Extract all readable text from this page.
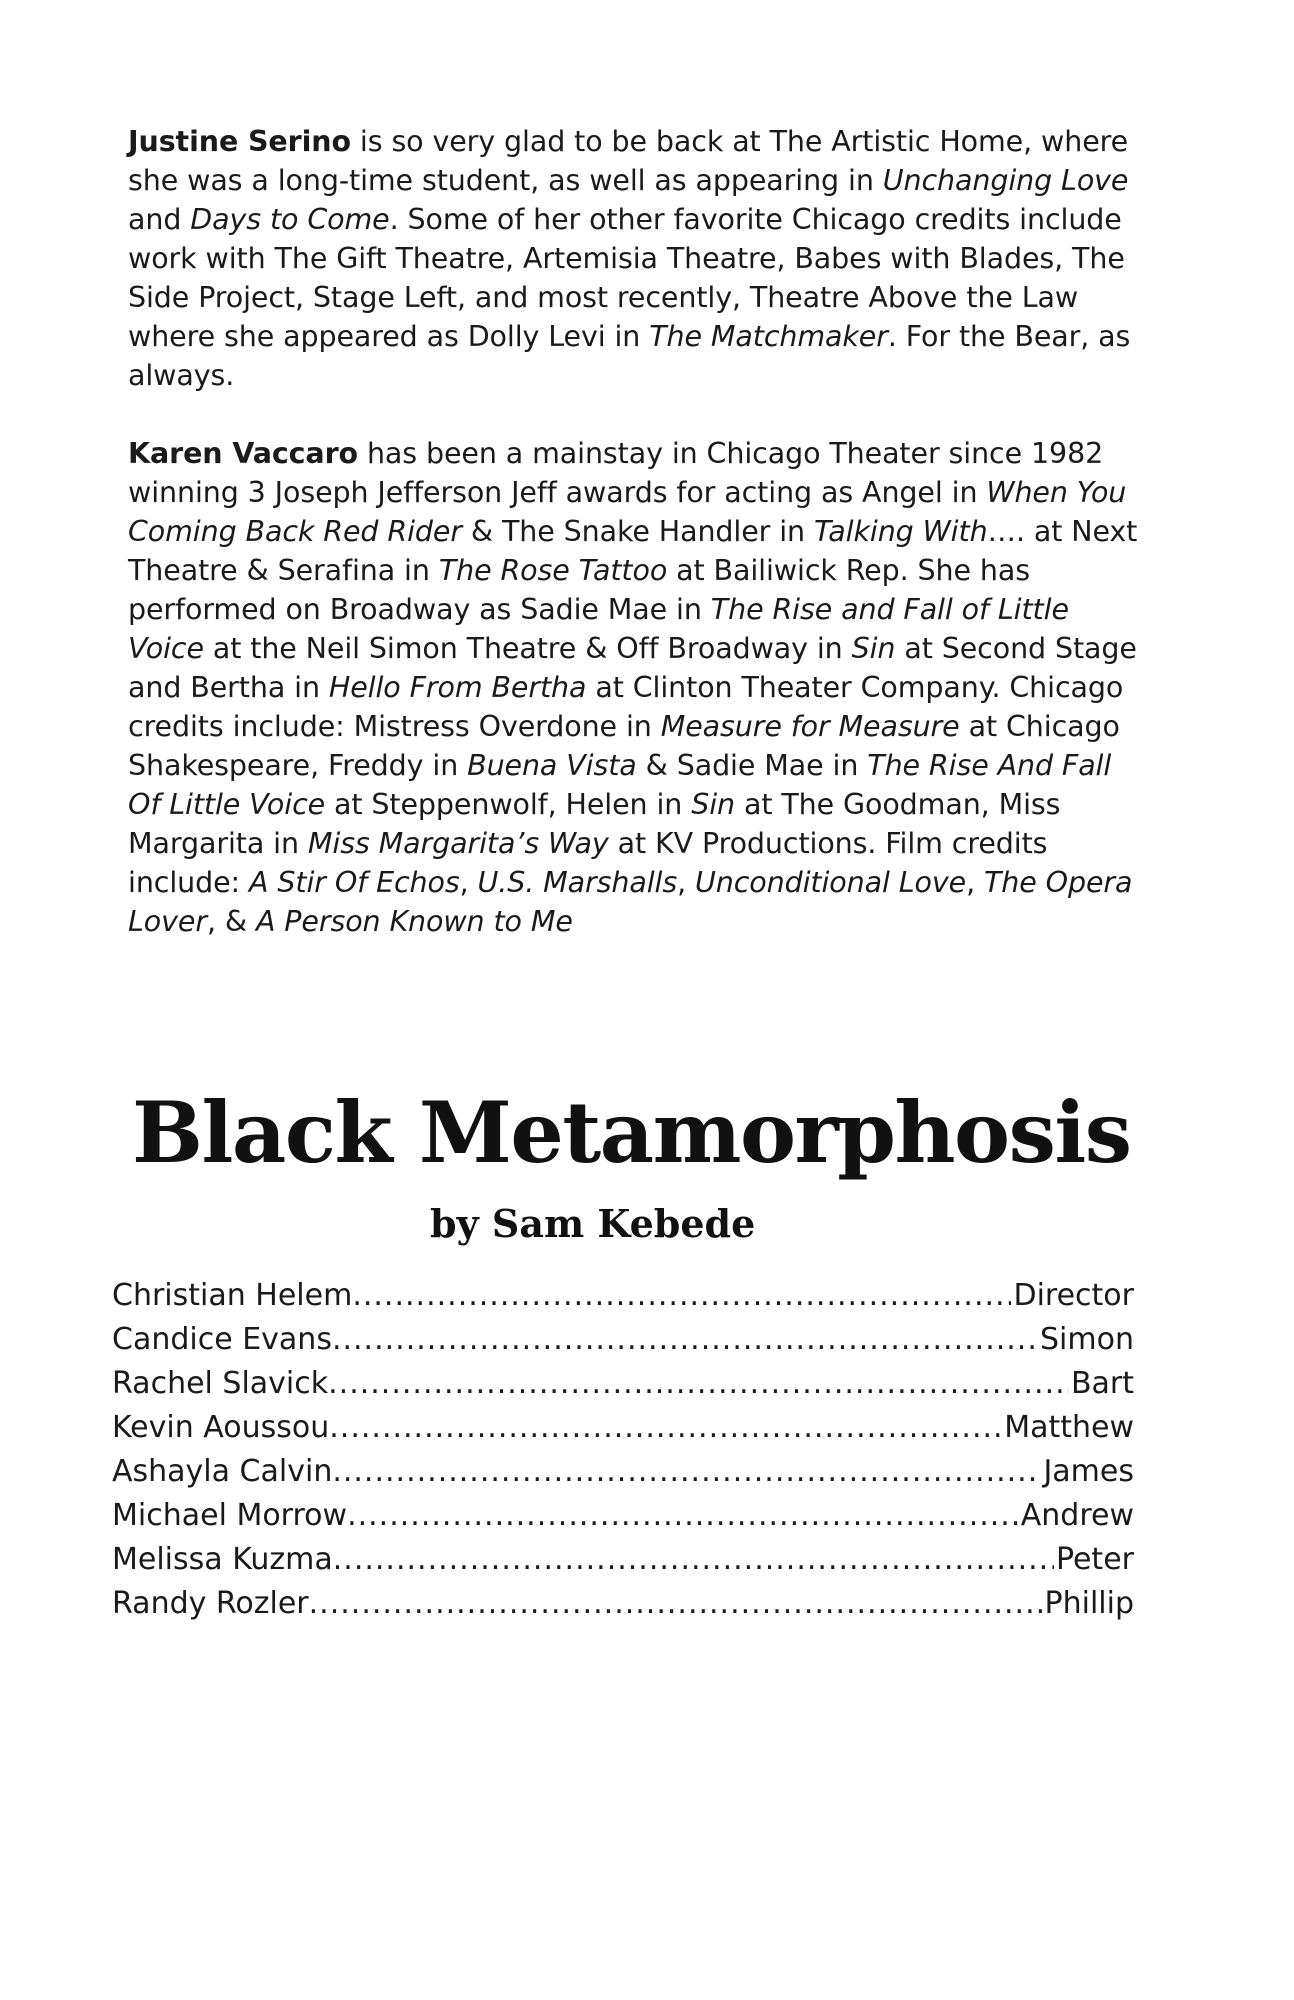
Justine Serino is so very glad to be back at The Artistic Home, where she was a long-time student, as well as appearing in Unchanging Love and Days to Come. Some of her other favorite Chicago credits include work with The Gift Theatre, Artemisia Theatre, Babes with Blades, The Side Project, Stage Left, and most recently, Theatre Above the Law where she appeared as Dolly Levi in The Matchmaker. For the Bear, as always.

Karen Vaccaro has been a mainstay in Chicago Theater since 1982 winning 3 Joseph Jefferson Jeff awards for acting as Angel in When You Coming Back Red Rider & The Snake Handler in Talking With…. at Next Theatre & Serafina in The Rose Tattoo at Bailiwick Rep. She has performed on Broadway as Sadie Mae in The Rise and Fall of Little Voice at the Neil Simon Theatre & Off Broadway in Sin at Second Stage and Bertha in Hello From Bertha at Clinton Theater Company. Chicago credits include: Mistress Overdone in Measure for Measure at Chicago Shakespeare, Freddy in Buena Vista & Sadie Mae in The Rise And Fall Of Little Voice at Steppenwolf, Helen in Sin at The Goodman, Miss Margarita in Miss Margarita’s Way at KV Productions. Film credits include: A Stir Of Echos, U.S. Marshalls, Unconditional Love, The Opera Lover, & A Person Known to Me

Black Metamorphosis
by Sam Kebede
Christian Helem .....	Director
Candice Evans .....	Simon
Rachel Slavick .....	Bart
Kevin Aoussou .....	Matthew
Ashayla Calvin .....	James
Michael Morrow .....	Andrew
Melissa Kuzma .....	Peter
Randy Rozler .....	Phillip
